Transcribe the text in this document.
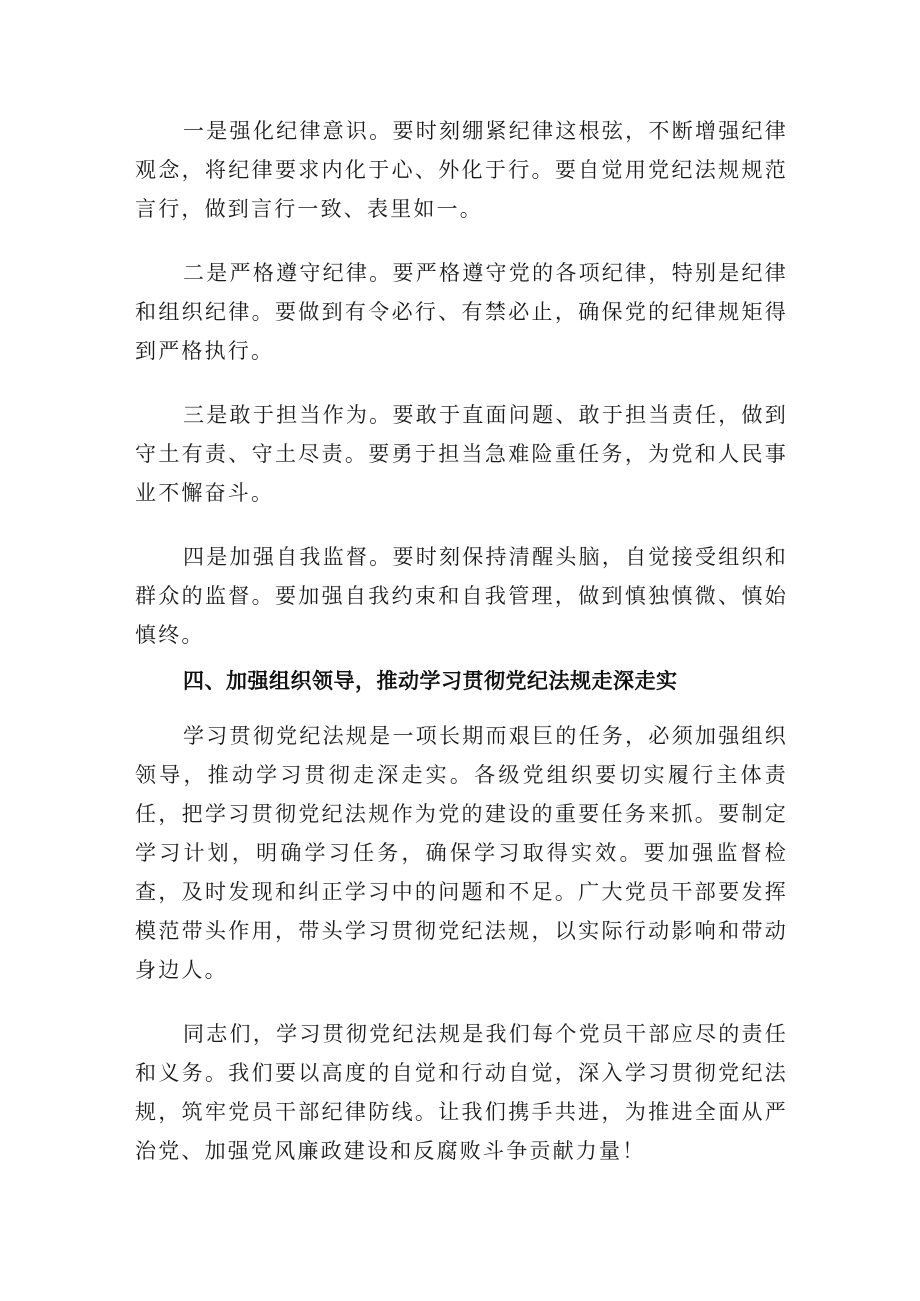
一是强化纪律意识。要时刻绷紧纪律这根弦，不断增强纪律观念，将纪律要求内化于心、外化于行。要自觉用党纪法规规范言行，做到言行一致、表里如一。

二是严格遵守纪律。要严格遵守党的各项纪律，特别是纪律和组织纪律。要做到有令必行、有禁必止，确保党的纪律规矩得到严格执行。

三是敢于担当作为。要敢于直面问题、敢于担当责任，做到守土有责、守土尽责。要勇于担当急难险重任务，为党和人民事业不懈奋斗。

四是加强自我监督。要时刻保持清醒头脑，自觉接受组织和群众的监督。要加强自我约束和自我管理，做到慎独慎微、慎始慎终。

四、加强组织领导，推动学习贯彻党纪法规走深走实

学习贯彻党纪法规是一项长期而艰巨的任务，必须加强组织领导，推动学习贯彻走深走实。各级党组织要切实履行主体责任，把学习贯彻党纪法规作为党的建设的重要任务来抓。要制定学习计划，明确学习任务，确保学习取得实效。要加强监督检查，及时发现和纠正学习中的问题和不足。广大党员干部要发挥模范带头作用，带头学习贯彻党纪法规，以实际行动影响和带动身边人。

同志们，学习贯彻党纪法规是我们每个党员干部应尽的责任和义务。我们要以高度的自觉和行动自觉，深入学习贯彻党纪法规，筑牢党员干部纪律防线。让我们携手共进，为推进全面从严治党、加强党风廉政建设和反腐败斗争贡献力量！
